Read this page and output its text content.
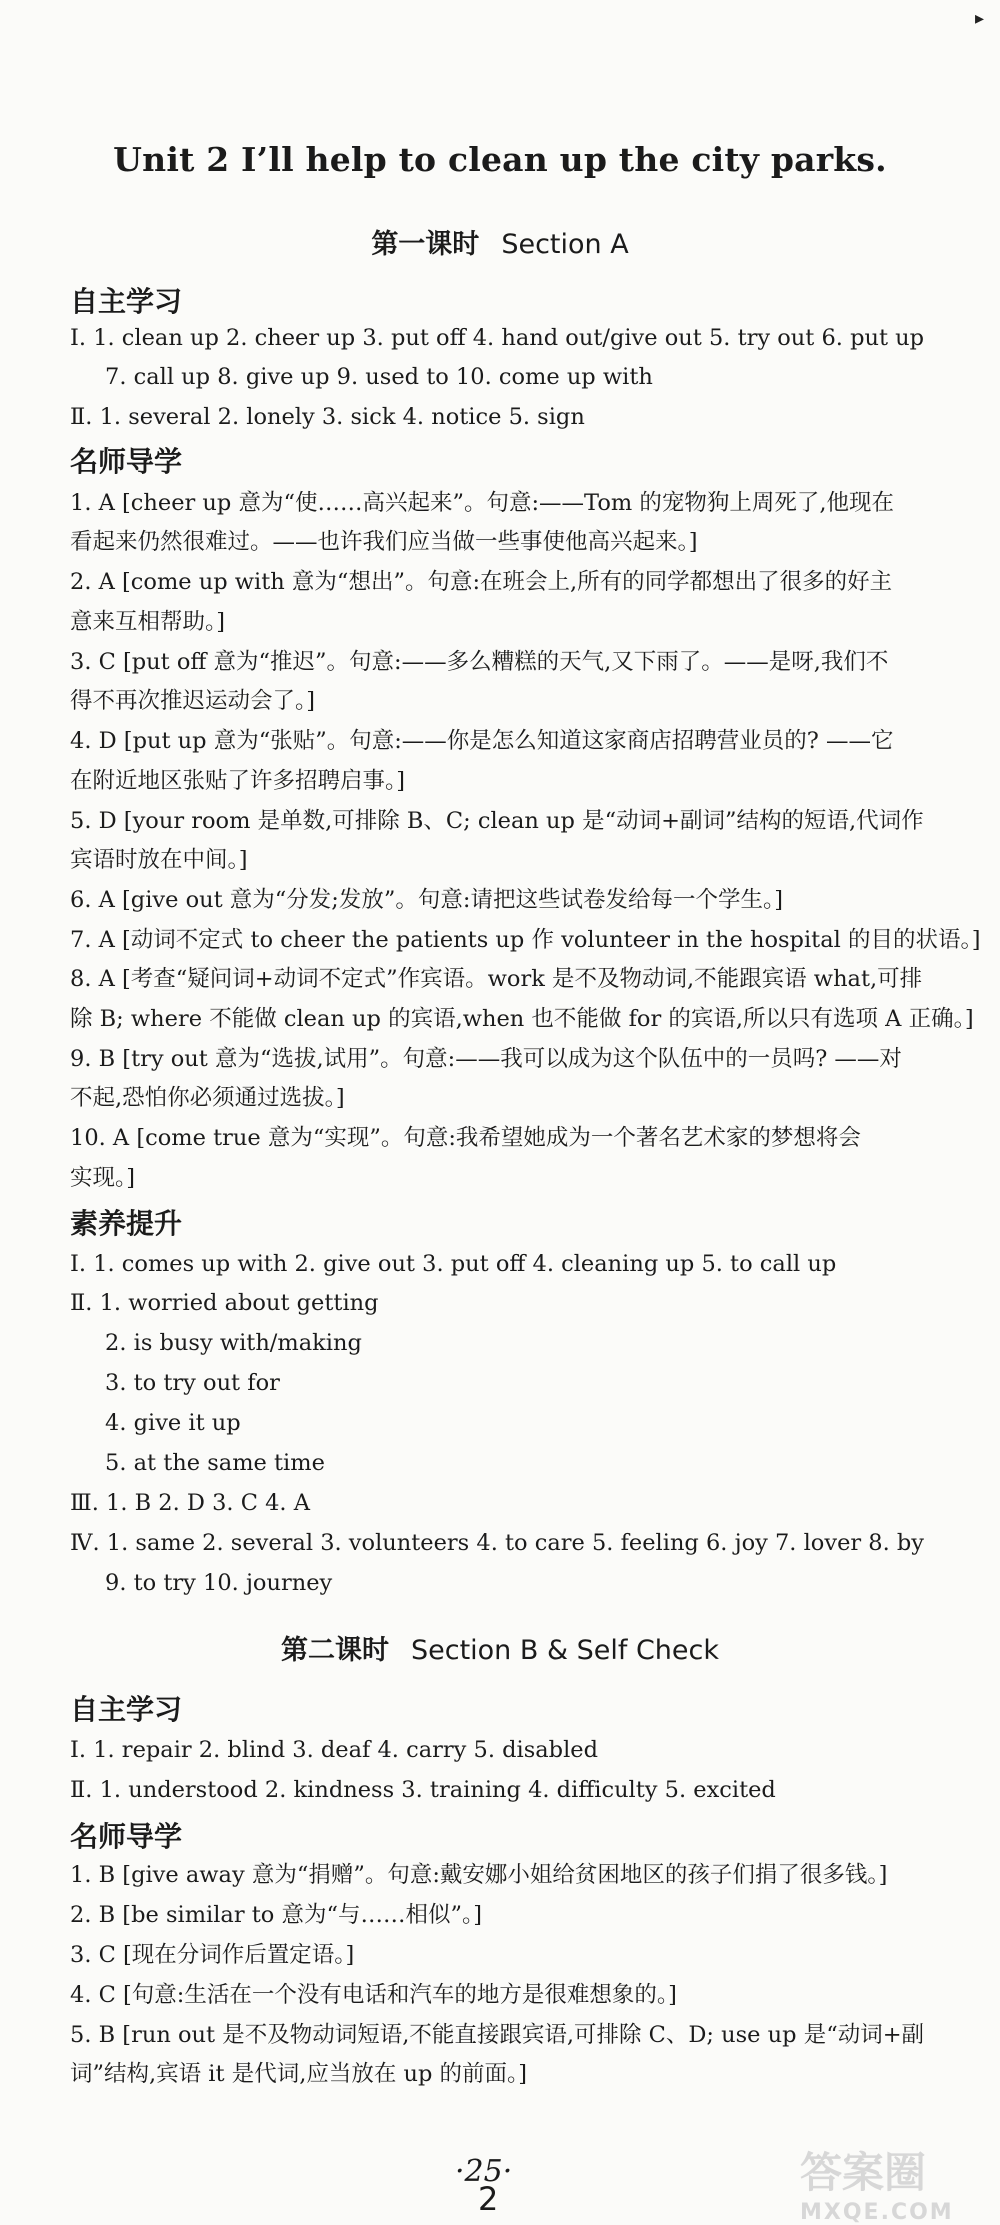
▸
Unit 2 I’ll help to clean up the city parks.
第一课时 Section A
自主学习
Ⅰ. 1. clean up 2. cheer up 3. put off 4. hand out/give out 5. try out 6. put up
7. call up 8. give up 9. used to 10. come up with
Ⅱ. 1. several 2. lonely 3. sick 4. notice 5. sign
名师导学
1. A [cheer up 意为“使……高兴起来”。句意:——Tom 的宠物狗上周死了,他现在
看起来仍然很难过。——也许我们应当做一些事使他高兴起来。]
2. A [come up with 意为“想出”。句意:在班会上,所有的同学都想出了很多的好主
意来互相帮助。]
3. C [put off 意为“推迟”。句意:——多么糟糕的天气,又下雨了。——是呀,我们不
得不再次推迟运动会了。]
4. D [put up 意为“张贴”。句意:——你是怎么知道这家商店招聘营业员的? ——它
在附近地区张贴了许多招聘启事。]
5. D [your room 是单数,可排除 B、C; clean up 是“动词+副词”结构的短语,代词作
宾语时放在中间。]
6. A [give out 意为“分发;发放”。句意:请把这些试卷发给每一个学生。]
7. A [动词不定式 to cheer the patients up 作 volunteer in the hospital 的目的状语。]
8. A [考查“疑问词+动词不定式”作宾语。work 是不及物动词,不能跟宾语 what,可排
除 B; where 不能做 clean up 的宾语,when 也不能做 for 的宾语,所以只有选项 A 正确。]
9. B [try out 意为“选拔,试用”。句意:——我可以成为这个队伍中的一员吗? ——对
不起,恐怕你必须通过选拔。]
10. A [come true 意为“实现”。句意:我希望她成为一个著名艺术家的梦想将会
实现。]
素养提升
Ⅰ. 1. comes up with 2. give out 3. put off 4. cleaning up 5. to call up
Ⅱ. 1. worried about getting
2. is busy with/making
3. to try out for
4. give it up
5. at the same time
Ⅲ. 1. B 2. D 3. C 4. A
Ⅳ. 1. same 2. several 3. volunteers 4. to care 5. feeling 6. joy 7. lover 8. by
9. to try 10. journey
第二课时 Section B & Self Check
自主学习
Ⅰ. 1. repair 2. blind 3. deaf 4. carry 5. disabled
Ⅱ. 1. understood 2. kindness 3. training 4. difficulty 5. excited
名师导学
1. B [give away 意为“捐赠”。句意:戴安娜小姐给贫困地区的孩子们捐了很多钱。]
2. B [be similar to 意为“与……相似”。]
3. C [现在分词作后置定语。]
4. C [句意:生活在一个没有电话和汽车的地方是很难想象的。]
5. B [run out 是不及物动词短语,不能直接跟宾语,可排除 C、D; use up 是“动词+副
词”结构,宾语 it 是代词,应当放在 up 的前面。]
·25·
2
答案圈
MXQE.COM
